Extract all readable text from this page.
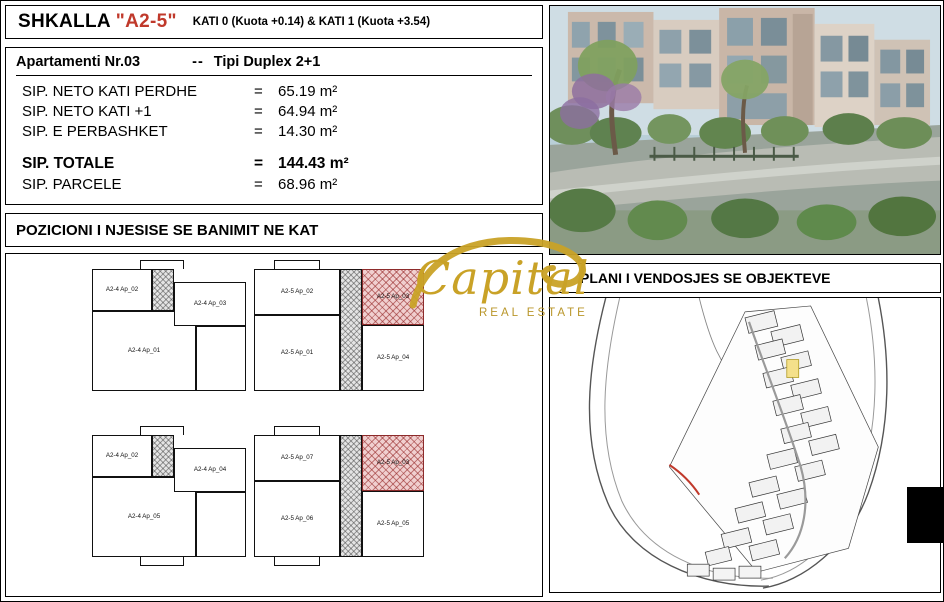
SHKALLA "A2-5" KATI 0 (Kuota +0.14) & KATI 1 (Kuota +3.54)
Apartamenti Nr.03	-- Tipi Duplex 2+1
SIP. NETO KATI PERDHE	=	65.19 m²
SIP. NETO KATI +1	=	64.94 m²
SIP. E PERBASHKET	=	14.30 m²

SIP. TOTALE	=	144.43 m²
SIP. PARCELE	=	68.96 m²
POZICIONI I NJESISE SE BANIMIT NE KAT
A2-4 Ap_02
A2-4 Ap_01
A2-4 Ap_03
A2-5 Ap_02
A2-5 Ap_01
A2-5 Ap_03
A2-5 Ap_04
A2-4 Ap_02
A2-4 Ap_05
A2-4 Ap_04
A2-5 Ap_07
A2-5 Ap_06
A2-5 Ap_03
A2-5 Ap_05
Capital
REAL ESTATE
PLANI I VENDOSJES SE OBJEKTEVE
